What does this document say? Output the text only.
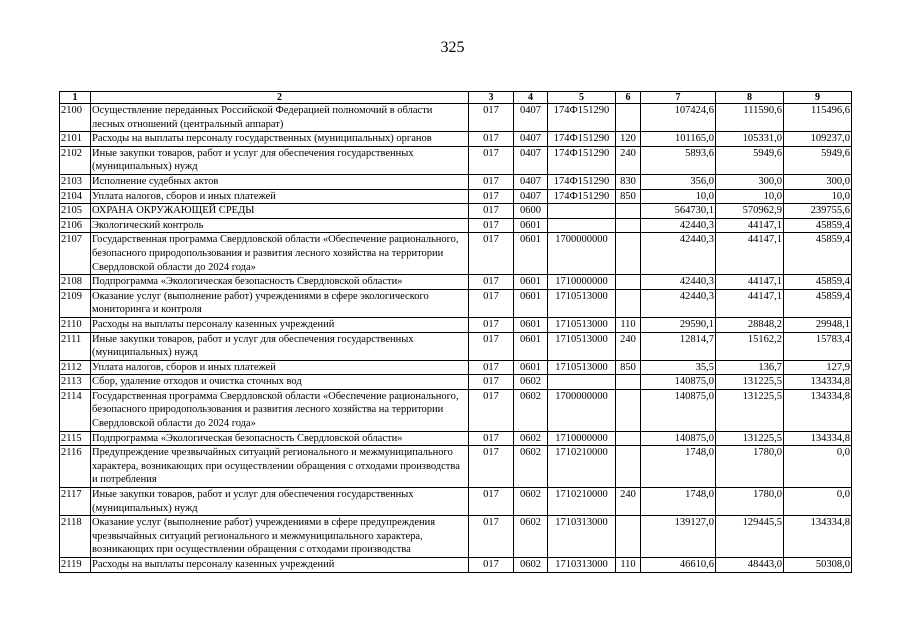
325
1	2	3	4	5	6	7	8	9
2100	Осуществление переданных Российской Федерацией полномочий в области лесных отношений (центральный аппарат)	017	0407	174Ф151290		107424,6	111590,6	115496,6
2101	Расходы на выплаты персоналу государственных (муниципальных) органов	017	0407	174Ф151290	120	101165,0	105331,0	109237,0
2102	Иные закупки товаров, работ и услуг для обеспечения государственных (муниципальных) нужд	017	0407	174Ф151290	240	5893,6	5949,6	5949,6
2103	Исполнение судебных актов	017	0407	174Ф151290	830	356,0	300,0	300,0
2104	Уплата налогов, сборов и иных платежей	017	0407	174Ф151290	850	10,0	10,0	10,0
2105	ОХРАНА ОКРУЖАЮЩЕЙ СРЕДЫ	017	0600			564730,1	570962,9	239755,6
2106	Экологический контроль	017	0601			42440,3	44147,1	45859,4
2107	Государственная программа Свердловской области «Обеспечение рационального, безопасного природопользования и развития лесного хозяйства на территории Свердловской области до 2024 года»	017	0601	1700000000		42440,3	44147,1	45859,4
2108	Подпрограмма «Экологическая безопасность Свердловской области»	017	0601	1710000000		42440,3	44147,1	45859,4
2109	Оказание услуг (выполнение работ) учреждениями в сфере экологического мониторинга и контроля	017	0601	1710513000		42440,3	44147,1	45859,4
2110	Расходы на выплаты персоналу казенных учреждений	017	0601	1710513000	110	29590,1	28848,2	29948,1
2111	Иные закупки товаров, работ и услуг для обеспечения государственных (муниципальных) нужд	017	0601	1710513000	240	12814,7	15162,2	15783,4
2112	Уплата налогов, сборов и иных платежей	017	0601	1710513000	850	35,5	136,7	127,9
2113	Сбор, удаление отходов и очистка сточных вод	017	0602			140875,0	131225,5	134334,8
2114	Государственная программа Свердловской области «Обеспечение рационального, безопасного природопользования и развития лесного хозяйства на территории Свердловской области до 2024 года»	017	0602	1700000000		140875,0	131225,5	134334,8
2115	Подпрограмма «Экологическая безопасность Свердловской области»	017	0602	1710000000		140875,0	131225,5	134334,8
2116	Предупреждение чрезвычайных ситуаций регионального и межмуниципального характера, возникающих при осуществлении обращения с отходами производства и потребления	017	0602	1710210000		1748,0	1780,0	0,0
2117	Иные закупки товаров, работ и услуг для обеспечения государственных (муниципальных) нужд	017	0602	1710210000	240	1748,0	1780,0	0,0
2118	Оказание услуг (выполнение работ) учреждениями в сфере предупреждения чрезвычайных ситуаций регионального и межмуниципального характера, возникающих при осуществлении обращения с отходами производства	017	0602	1710313000		139127,0	129445,5	134334,8
2119	Расходы на выплаты персоналу казенных учреждений	017	0602	1710313000	110	46610,6	48443,0	50308,0
